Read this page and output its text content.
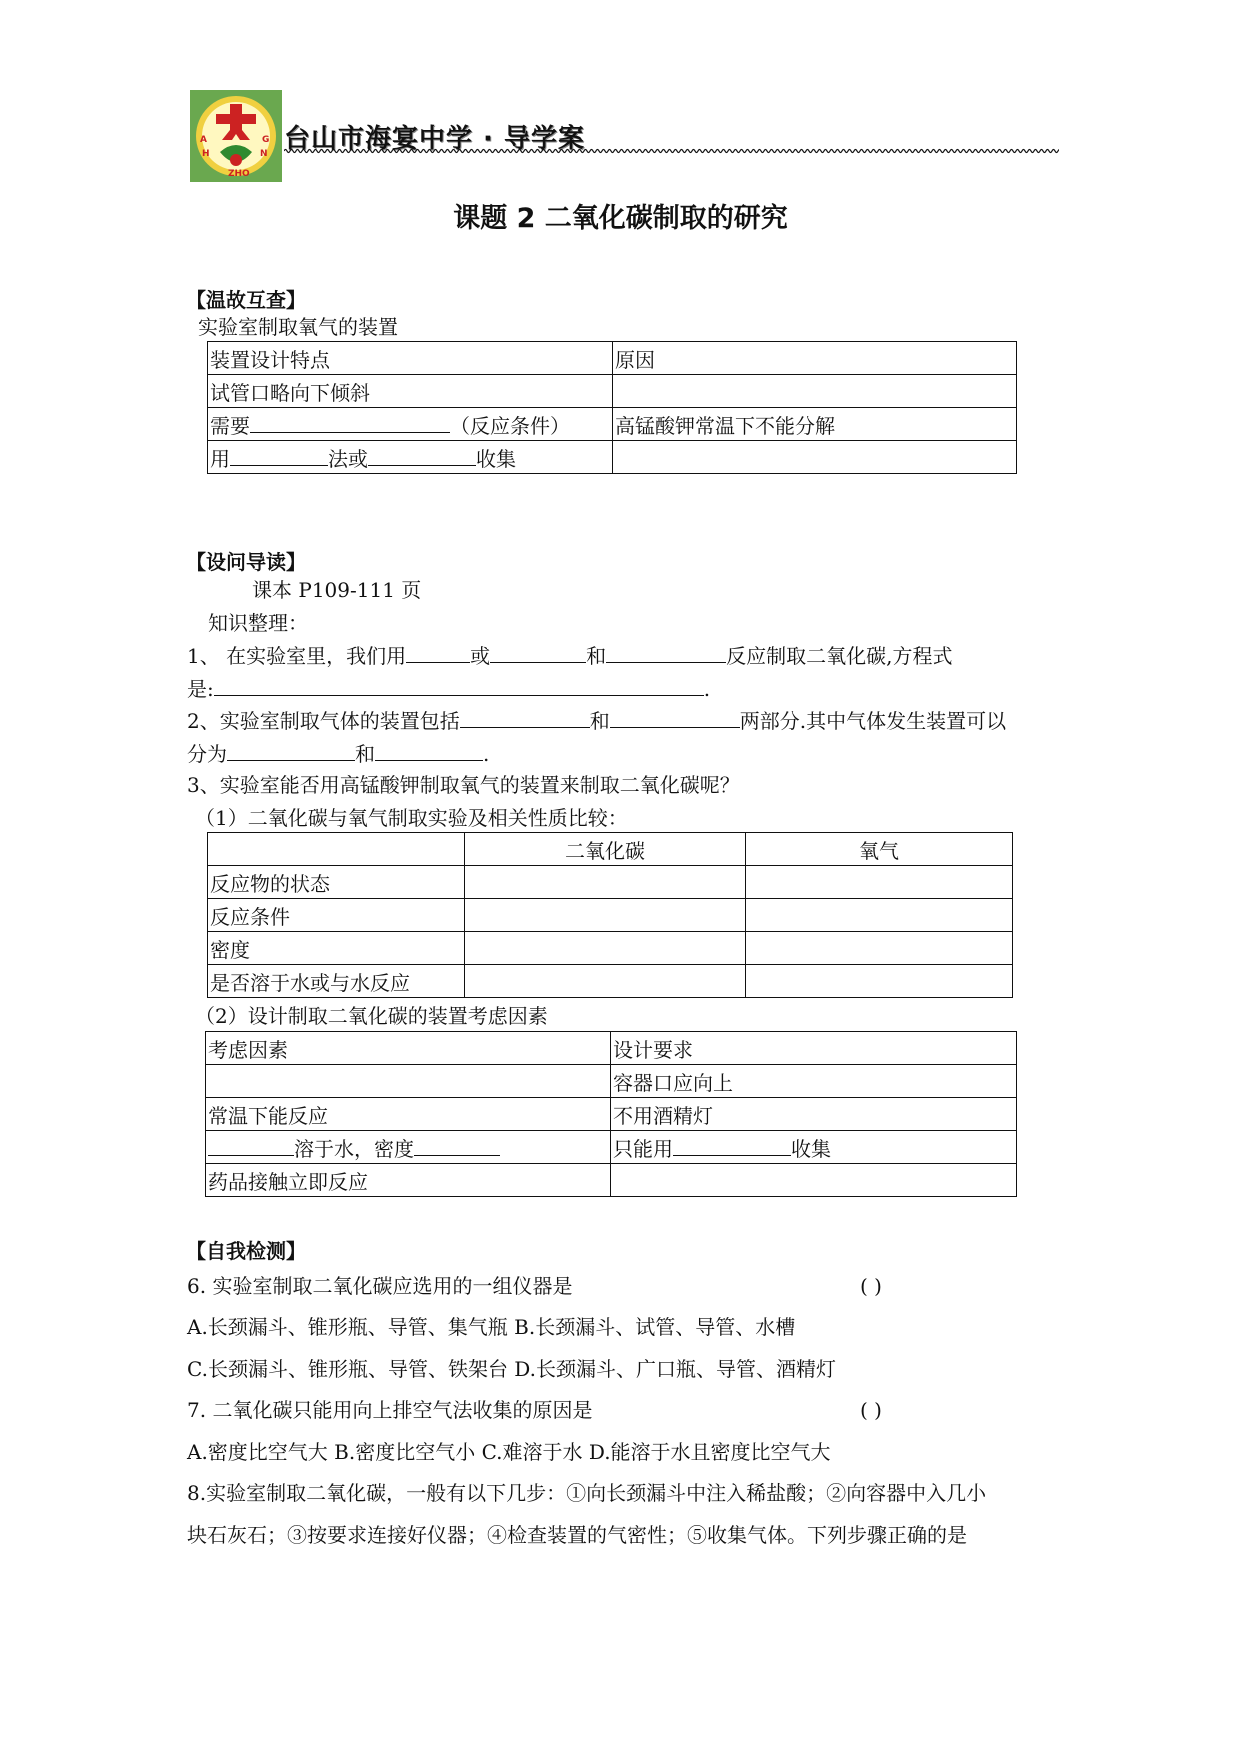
H
A	G
N
ZHO
台山市海宴中学 · 导学案
课题 2 二氧化碳制取的研究
【温故互查】
实验室制取氧气的装置
装置设计特点	原因
试管口略向下倾斜	
需要 （反应条件）	高锰酸钾常温下不能分解
用 法或 收集	
【设问导读】
课本 P109-111 页
知识整理：
1、 在实验室里，我们用	或	和	反应制取二氧化碳,方程式
是:	.
2、实验室制取气体的装置包括	和	两部分.其中气体发生装置可以
分为	和	.
3、实验室能否用高锰酸钾制取氧气的装置来制取二氧化碳呢？
（1）二氧化碳与氧气制取实验及相关性质比较：
	二氧化碳	氧气
反应物的状态		
反应条件		
密度		
是否溶于水或与水反应		
（2）设计制取二氧化碳的装置考虑因素
考虑因素	设计要求
	容器口应向上
常温下能反应	不用酒精灯
溶于水，密度	只能用 收集
药品接触立即反应	
【自我检测】
6. 实验室制取二氧化碳应选用的一组仪器是	( )
A.长颈漏斗、锥形瓶、导管、集气瓶 B.长颈漏斗、试管、导管、水槽
C.长颈漏斗、锥形瓶、导管、铁架台 D.长颈漏斗、广口瓶、导管、酒精灯
7. 二氧化碳只能用向上排空气法收集的原因是	( )
A.密度比空气大 B.密度比空气小 C.难溶于水 D.能溶于水且密度比空气大
8.实验室制取二氧化碳，一般有以下几步：①向长颈漏斗中注入稀盐酸；②向容器中入几小
块石灰石；③按要求连接好仪器；④检查装置的气密性；⑤收集气体。下列步骤正确的是
